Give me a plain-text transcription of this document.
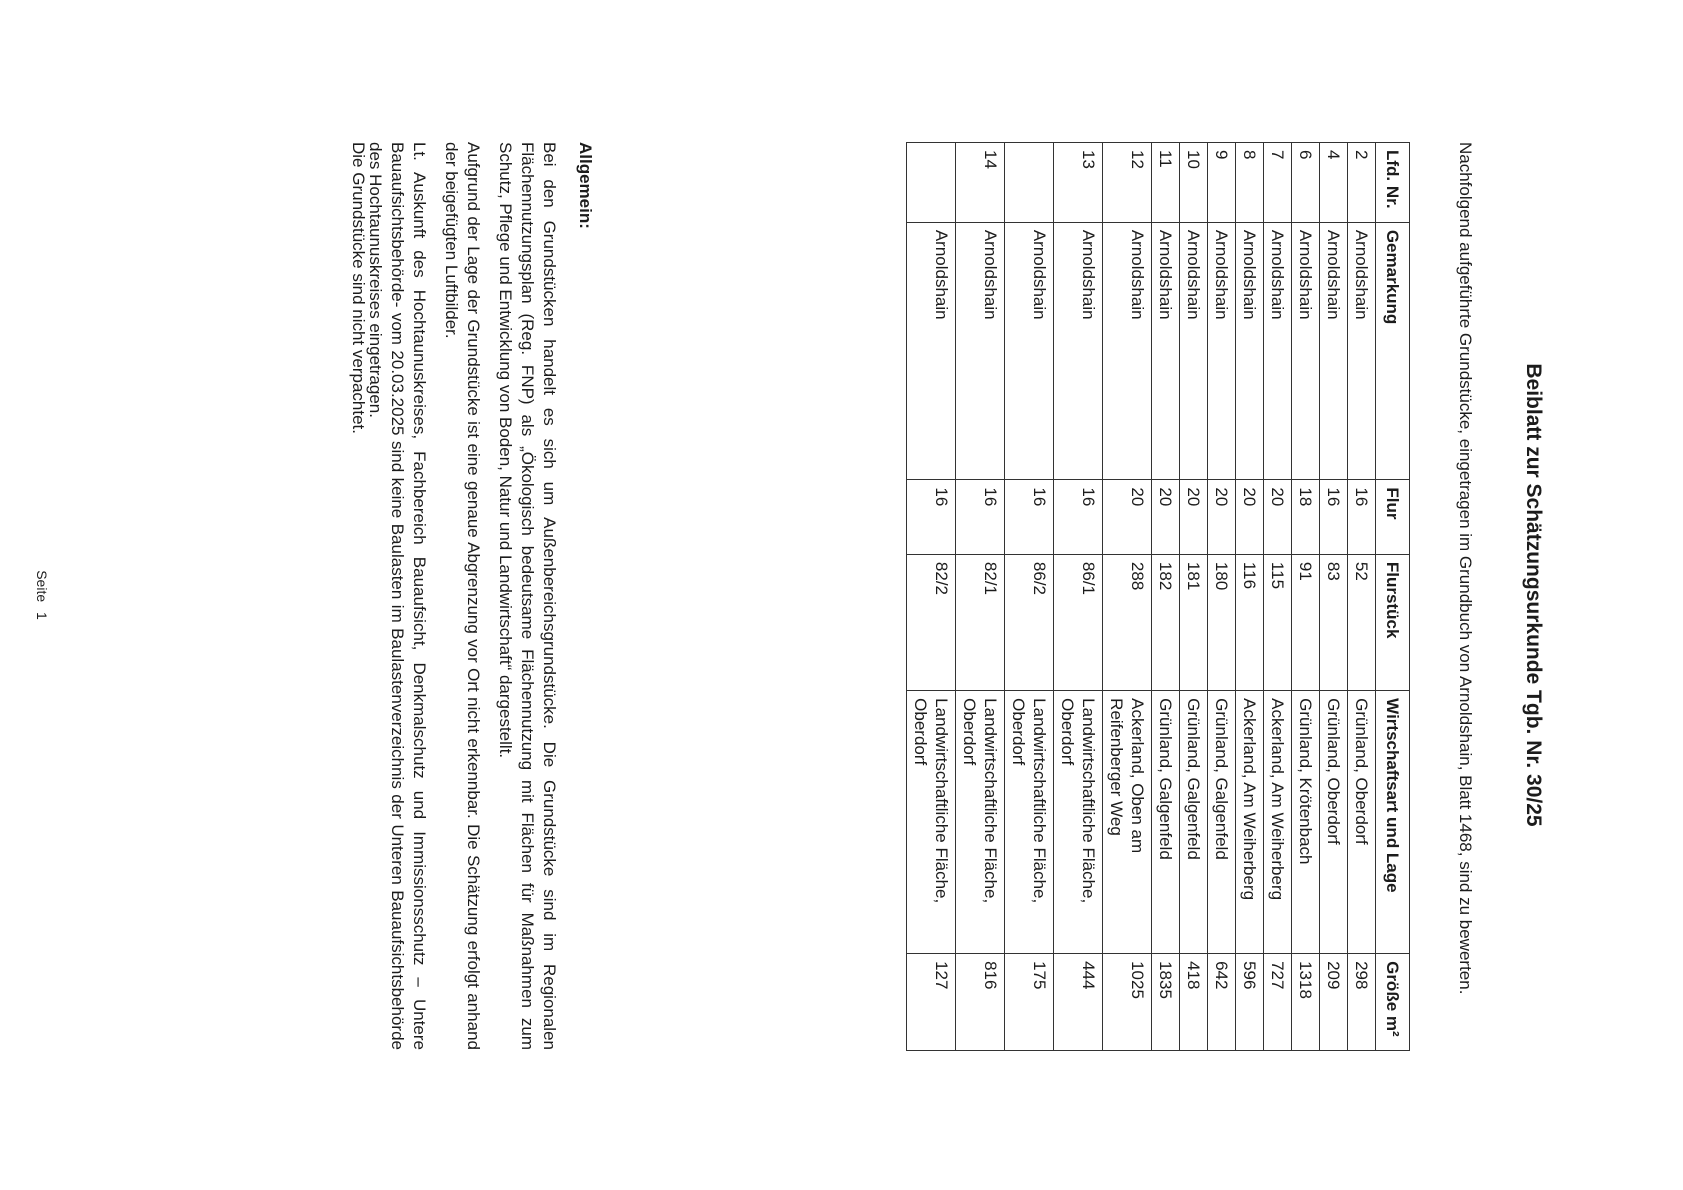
Beiblatt zur Schätzungsurkunde Tgb. Nr. 30/25
Nachfolgend aufgeführte Grundstücke, eingetragen im Grundbuch von Arnoldshain, Blatt 1468, sind zu bewerten.
Lfd. Nr.	Gemarkung	Flur	Flurstück	Wirtschaftsart und Lage	Größe m²
2	Arnoldshain	16	52	Grünland, Oberdorf	298
4	Arnoldshain	16	83	Grünland, Oberdorf	209
6	Arnoldshain	18	91	Grünland, Krötenbach	1318
7	Arnoldshain	20	115	Ackerland, Am Weiherberg	727
8	Arnoldshain	20	116	Ackerland, Am Weiherberg	596
9	Arnoldshain	20	180	Grünland, Galgenfeld	642
10	Arnoldshain	20	181	Grünland, Galgenfeld	418
11	Arnoldshain	20	182	Grünland, Galgenfeld	1835
12	Arnoldshain	20	288	Ackerland, Oben am Reifenberger Weg	1025
13	Arnoldshain	16	86/1	Landwirtschaftliche Fläche, Oberdorf	444
	Arnoldshain	16	86/2	Landwirtschaftliche Fläche, Oberdorf	175
14	Arnoldshain	16	82/1	Landwirtschaftliche Fläche, Oberdorf	816
	Arnoldshain	16	82/2	Landwirtschaftliche Fläche, Oberdorf	127
Allgemein:
Bei den Grundstücken handelt es sich um Außenbereichsgrundstücke. Die Grundstücke sind im Regionalen Flächennutzungsplan (Reg. FNP) als „Ökologisch bedeutsame Flächennutzung mit Flächen für Maßnahmen zum Schutz, Pflege und Entwicklung von Boden, Natur und Landwirtschaft“ dargestellt.
Aufgrund der Lage der Grundstücke ist eine genaue Abgrenzung vor Ort nicht erkennbar. Die Schätzung erfolgt anhand der beigefügten Luftbilder.
Lt. Auskunft des Hochtaunuskreises, Fachbereich Bauaufsicht, Denkmalschutz und Immissionsschutz – Untere Bauaufsichtsbehörde- vom 20.03.2025 sind keine Baulasten im Baulastenverzeichnis der Unteren Bauaufsichtsbehörde des Hochtaunuskreises eingetragen.
Die Grundstücke sind nicht verpachtet.
Seite 1
